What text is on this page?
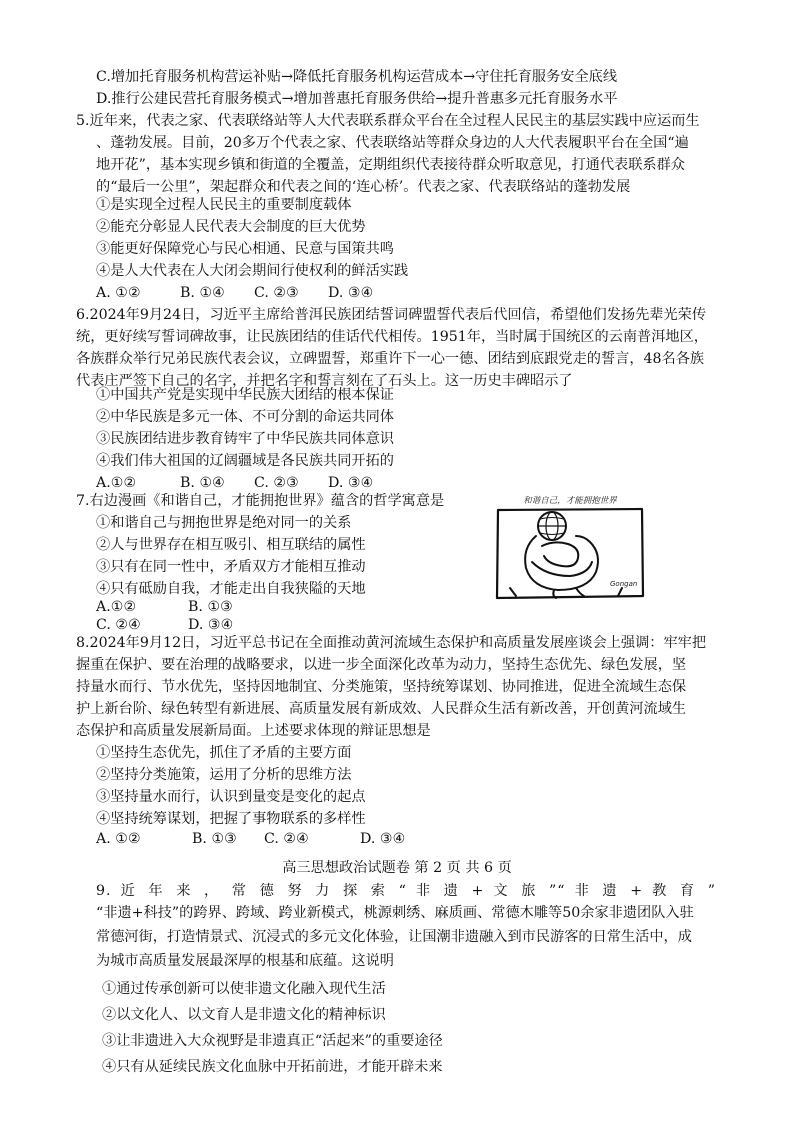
C.增加托育服务机构营运补贴→降低托育服务机构运营成本→守住托育服务安全底线
D.推行公建民营托育服务模式→增加普惠托育服务供给→提升普惠多元托育服务水平
5.近年来，代表之家、代表联络站等人大代表联系群众平台在全过程人民民主的基层实践中应运而生
、蓬勃发展。目前，20多万个代表之家、代表联络站等群众身边的人大代表履职平台在全国“遍
地开花”，基本实现乡镇和街道的全覆盖，定期组织代表接待群众听取意见，打通代表联系群众
的“最后一公里”，架起群众和代表之间的‘连心桥’。代表之家、代表联络站的蓬勃发展
①是实现全过程人民民主的重要制度载体
②能充分彰显人民代表大会制度的巨大优势
③能更好保障党心与民心相通、民意与国策共鸣
④是人大代表在人大闭会期间行使权利的鲜活实践
A. ①②	B. ①④ C. ②③ D. ③④
6.2024年9月24日，习近平主席给普洱民族团结誓词碑盟誓代表后代回信，希望他们发扬先辈光荣传
统，更好续写誓词碑故事，让民族团结的佳话代代相传。1951年，当时属于国统区的云南普洱地区，
各族群众举行兄弟民族代表会议，立碑盟誓，郑重许下一心一德、团结到底跟党走的誓言，48名各族
代表庄严签下自己的名字，并把名字和誓言刻在了石头上。这一历史丰碑昭示了
①中国共产党是实现中华民族大团结的根本保证
②中华民族是多元一体、不可分割的命运共同体
③民族团结进步教育铸牢了中华民族共同体意识
④我们伟大祖国的辽阔疆域是各民族共同开拓的
A.①②	B. ①④ C. ②③ D. ③④
7.右边漫画《和谐自己，才能拥抱世界》蕴含的哲学寓意是
①和谐自己与拥抱世界是绝对同一的关系
②人与世界存在相互吸引、相互联结的属性
③只有在同一性中，矛盾双方才能相互推动
④只有砥励自我，才能走出自我狭隘的天地
A.①②	B. ①③
C. ②④	D. ③④
和谐自己，才能拥抱世界
Gongan
8.2024年9月12日，习近平总书记在全面推动黄河流域生态保护和高质量发展座谈会上强调：牢牢把
握重在保护、要在治理的战略要求，以进一步全面深化改革为动力，坚持生态优先、绿色发展，坚
持量水而行、节水优先，坚持因地制宜、分类施策，坚持统筹谋划、协同推进，促进全流域生态保
护上新台阶、绿色转型有新进展、高质量发展有新成效、人民群众生活有新改善，开创黄河流域生
态保护和高质量发展新局面。上述要求体现的辩证思想是
①坚持生态优先，抓住了矛盾的主要方面
②坚持分类施策，运用了分析的思维方法
③坚持量水而行，认识到量变是变化的起点
④坚持统筹谋划，把握了事物联系的多样性
A. ①②	B. ①③ C. ②④	D. ③④
高三思想政治试题卷 第 2 页 共 6 页
9. 近 年 来 ， 常 德 努 力 探 索 “ 非 遗 + 文 旅 ”“ 非 遗 + 教 育 ”
“非遗+科技”的跨界、跨域、跨业新模式，桃源刺绣、麻质画、常德木雕等50余家非遗团队入驻
常德河街，打造情景式、沉浸式的多元文化体验，让国潮非遗融入到市民游客的日常生活中，成
为城市高质量发展最深厚的根基和底蕴。这说明
①通过传承创新可以使非遗文化融入现代生活
②以文化人、以文育人是非遗文化的精神标识
③让非遗进入大众视野是非遗真正“活起来”的重要途径
④只有从延续民族文化血脉中开拓前进，才能开辟未来
